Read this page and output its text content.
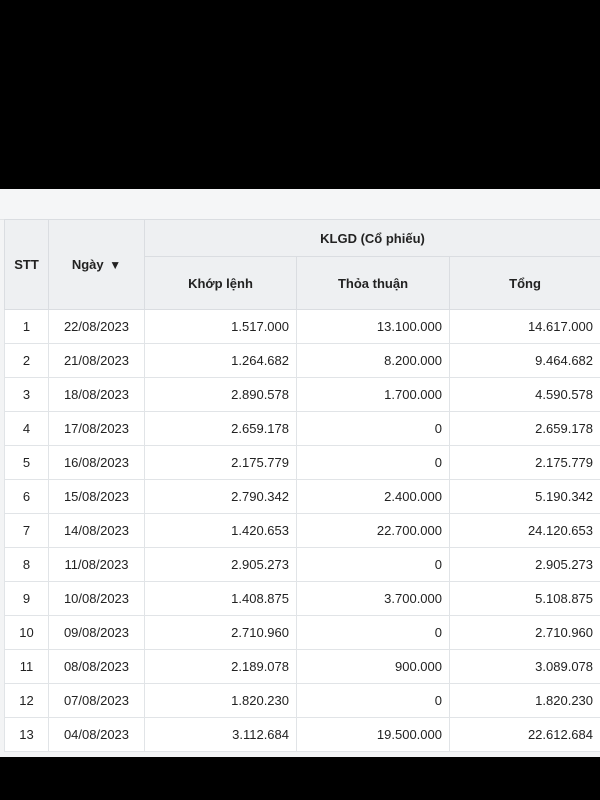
STT	Ngày ▼	KLGD (Cổ phiếu)		
		Khớp lệnh	Thỏa thuận	Tổng
1	22/08/2023	1.517.000	13.100.000	14.617.000
2	21/08/2023	1.264.682	8.200.000	9.464.682
3	18/08/2023	2.890.578	1.700.000	4.590.578
4	17/08/2023	2.659.178	0	2.659.178
5	16/08/2023	2.175.779	0	2.175.779
6	15/08/2023	2.790.342	2.400.000	5.190.342
7	14/08/2023	1.420.653	22.700.000	24.120.653
8	11/08/2023	2.905.273	0	2.905.273
9	10/08/2023	1.408.875	3.700.000	5.108.875
10	09/08/2023	2.710.960	0	2.710.960
11	08/08/2023	2.189.078	900.000	3.089.078
12	07/08/2023	1.820.230	0	1.820.230
13	04/08/2023	3.112.684	19.500.000	22.612.684
